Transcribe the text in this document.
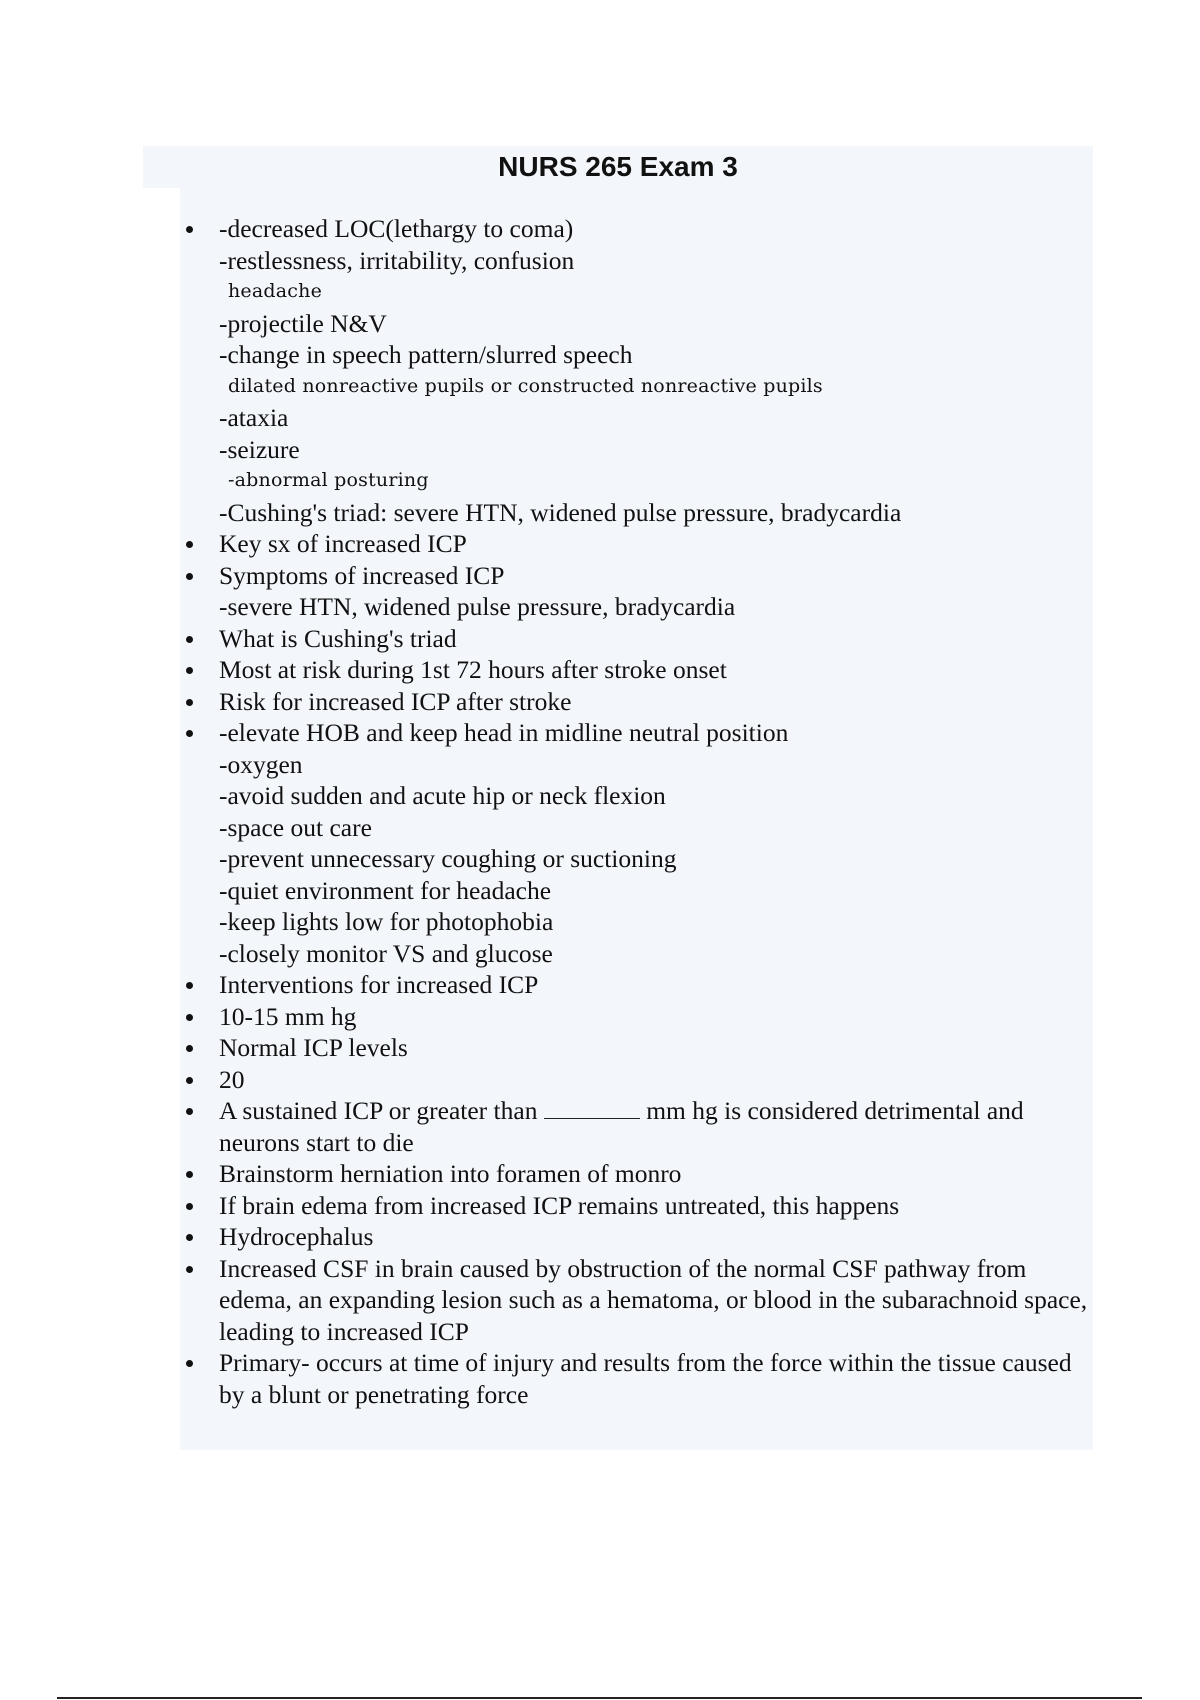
NURS 265 Exam 3
-decreased LOC(lethargy to coma)
-restlessness, irritability, confusion
headache
-projectile N&V
-change in speech pattern/slurred speech
dilated nonreactive pupils or constructed nonreactive pupils
-ataxia
-seizure
-abnormal posturing
-Cushing's triad: severe HTN, widened pulse pressure, bradycardia
Key sx of increased ICP
Symptoms of increased ICP
-severe HTN, widened pulse pressure, bradycardia
What is Cushing's triad
Most at risk during 1st 72 hours after stroke onset
Risk for increased ICP after stroke
-elevate HOB and keep head in midline neutral position
-oxygen
-avoid sudden and acute hip or neck flexion
-space out care
-prevent unnecessary coughing or suctioning
-quiet environment for headache
-keep lights low for photophobia
-closely monitor VS and glucose
Interventions for increased ICP
10-15 mm hg
Normal ICP levels
20
A sustained ICP or greater than	mm hg is considered detrimental and neurons start to die
Brainstorm herniation into foramen of monro
If brain edema from increased ICP remains untreated, this happens
Hydrocephalus
Increased CSF in brain caused by obstruction of the normal CSF pathway from edema, an expanding lesion such as a hematoma, or blood in the subarachnoid space, leading to increased ICP
Primary- occurs at time of injury and results from the force within the tissue caused by a blunt or penetrating force
